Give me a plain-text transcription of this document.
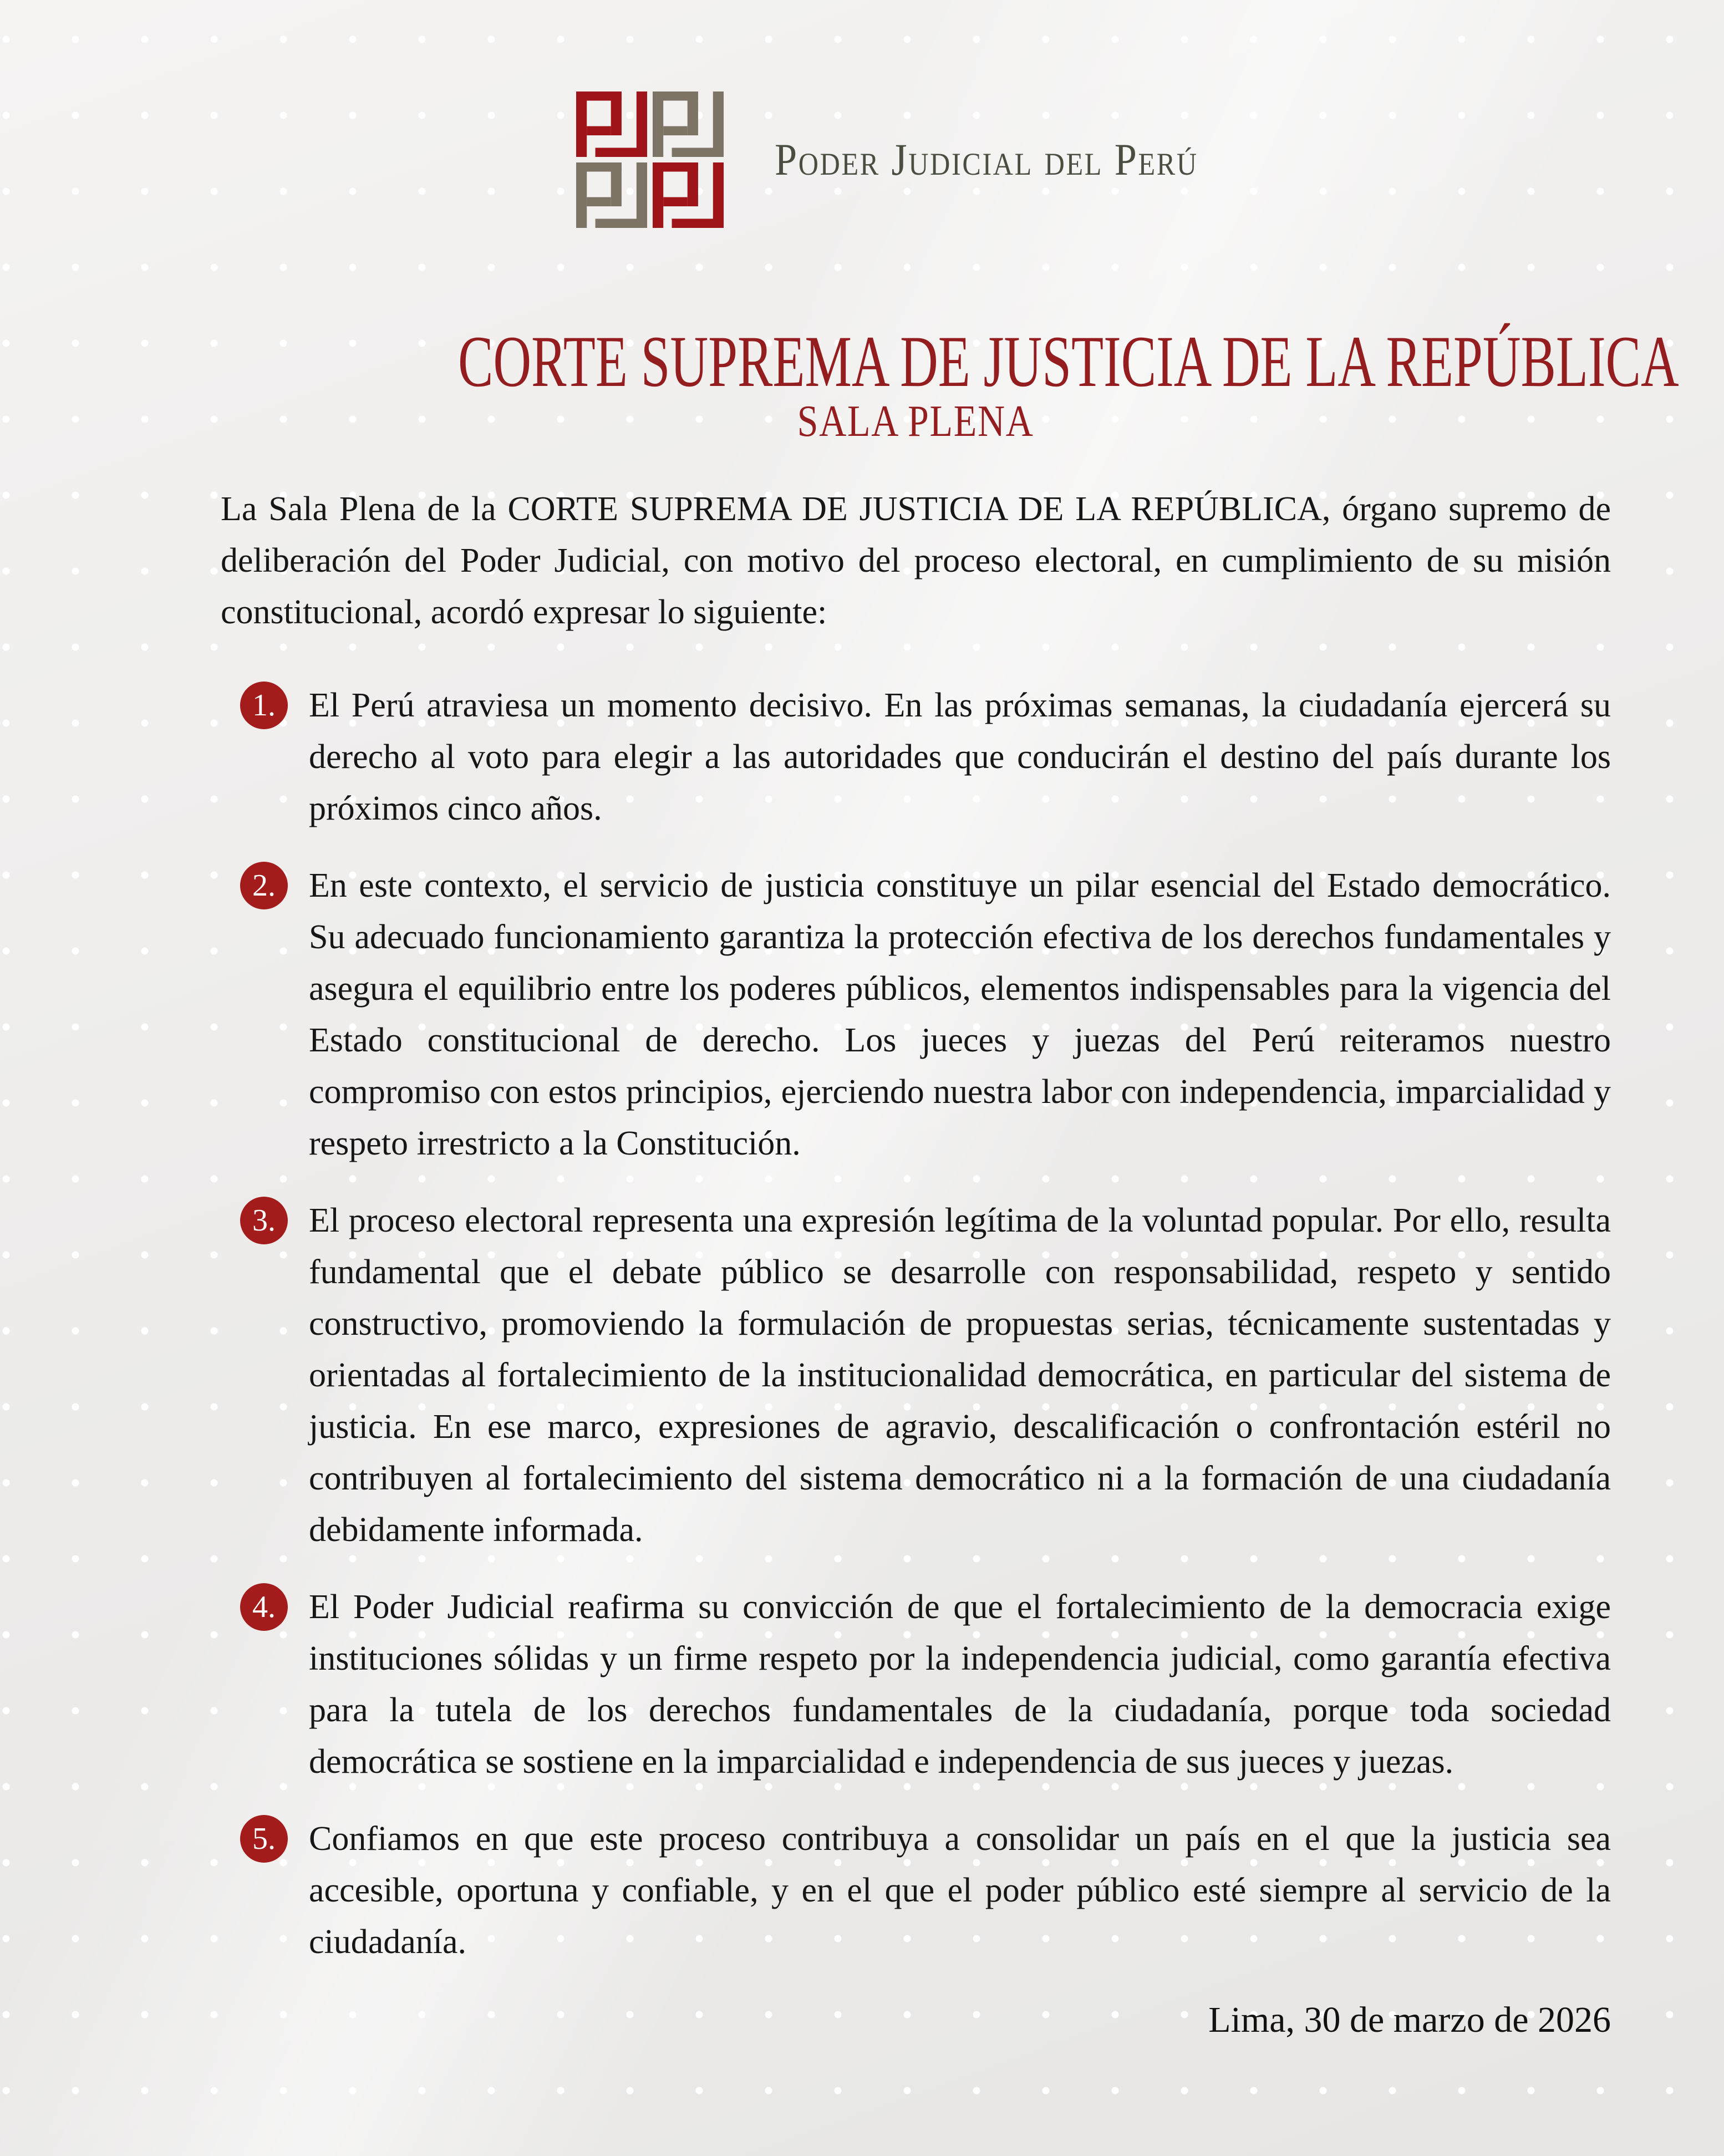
Poder Judicial del Perú
CORTE SUPREMA DE JUSTICIA DE LA REPÚBLICA
SALA PLENA

La Sala Plena de la CORTE SUPREMA DE JUSTICIA DE LA REPÚBLICA, órgano supremo de deliberación del Poder Judicial, con motivo del proceso electoral, en cumplimiento de su misión constitucional, acordó expresar lo siguiente:

1. El Perú atraviesa un momento decisivo. En las próximas semanas, la ciudadanía ejercerá su derecho al voto para elegir a las autoridades que conducirán el destino del país durante los próximos cinco años.
2. En este contexto, el servicio de justicia constituye un pilar esencial del Estado democrático. Su adecuado funcionamiento garantiza la protección efectiva de los derechos fundamentales y asegura el equilibrio entre los poderes públicos, elementos indispensables para la vigencia del Estado constitucional de derecho. Los jueces y juezas del Perú reiteramos nuestro compromiso con estos principios, ejerciendo nuestra labor con independencia, imparcialidad y respeto irrestricto a la Constitución.
3. El proceso electoral representa una expresión legítima de la voluntad popular. Por ello, resulta fundamental que el debate público se desarrolle con responsabilidad, respeto y sentido constructivo, promoviendo la formulación de propuestas serias, técnicamente sustentadas y orientadas al fortalecimiento de la institucionalidad democrática, en particular del sistema de justicia. En ese marco, expresiones de agravio, descalificación o confrontación estéril no contribuyen al fortalecimiento del sistema democrático ni a la formación de una ciudadanía debidamente informada.
4. El Poder Judicial reafirma su convicción de que el fortalecimiento de la democracia exige instituciones sólidas y un firme respeto por la independencia judicial, como garantía efectiva para la tutela de los derechos fundamentales de la ciudadanía, porque toda sociedad democrática se sostiene en la imparcialidad e independencia de sus jueces y juezas.
5. Confiamos en que este proceso contribuya a consolidar un país en el que la justicia sea accesible, oportuna y confiable, y en el que el poder público esté siempre al servicio de la ciudadanía.
Lima, 30 de marzo de 2026
